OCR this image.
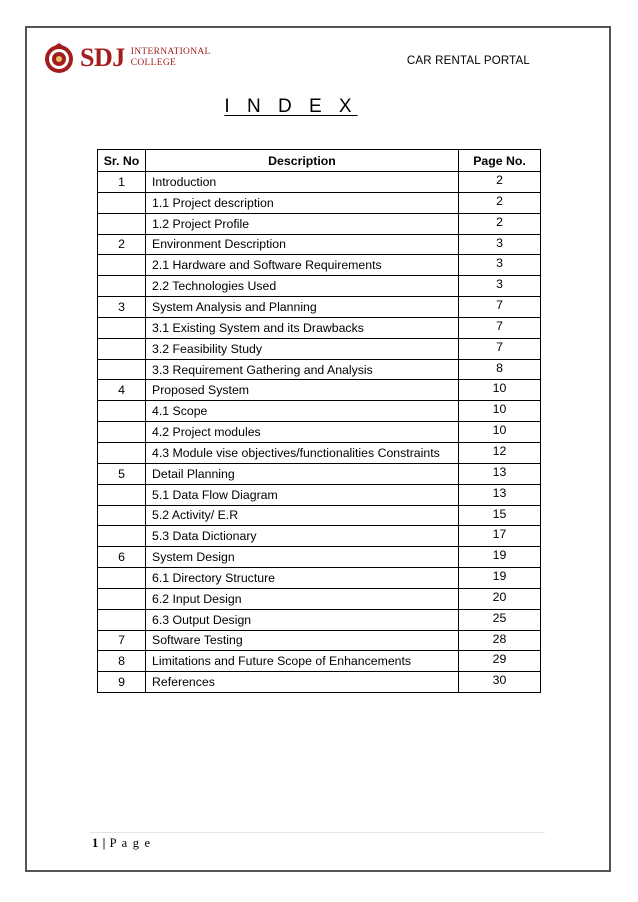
SDJ INTERNATIONAL
COLLEGE	CAR RENTAL PORTAL
I N D E X
Sr. No	Description	Page No.
1	Introduction	2
	1.1 Project description	2
	1.2 Project Profile	2
2	Environment Description	3
	2.1 Hardware and Software Requirements	3
	2.2 Technologies Used	3
3	System Analysis and Planning	7
	3.1 Existing System and its Drawbacks	7
	3.2 Feasibility Study	7
	3.3 Requirement Gathering and Analysis	8
4	Proposed System	10
	4.1 Scope	10
	4.2 Project modules	10
	4.3 Module vise objectives/functionalities Constraints	12
5	Detail Planning	13
	5.1 Data Flow Diagram	13
	5.2 Activity/ E.R	15
	5.3 Data Dictionary	17
6	System Design	19
	6.1 Directory Structure	19
	6.2 Input Design	20
	6.3 Output Design	25
7	Software Testing	28
8	Limitations and Future Scope of Enhancements	29
9	References	30
1 | P a g e
